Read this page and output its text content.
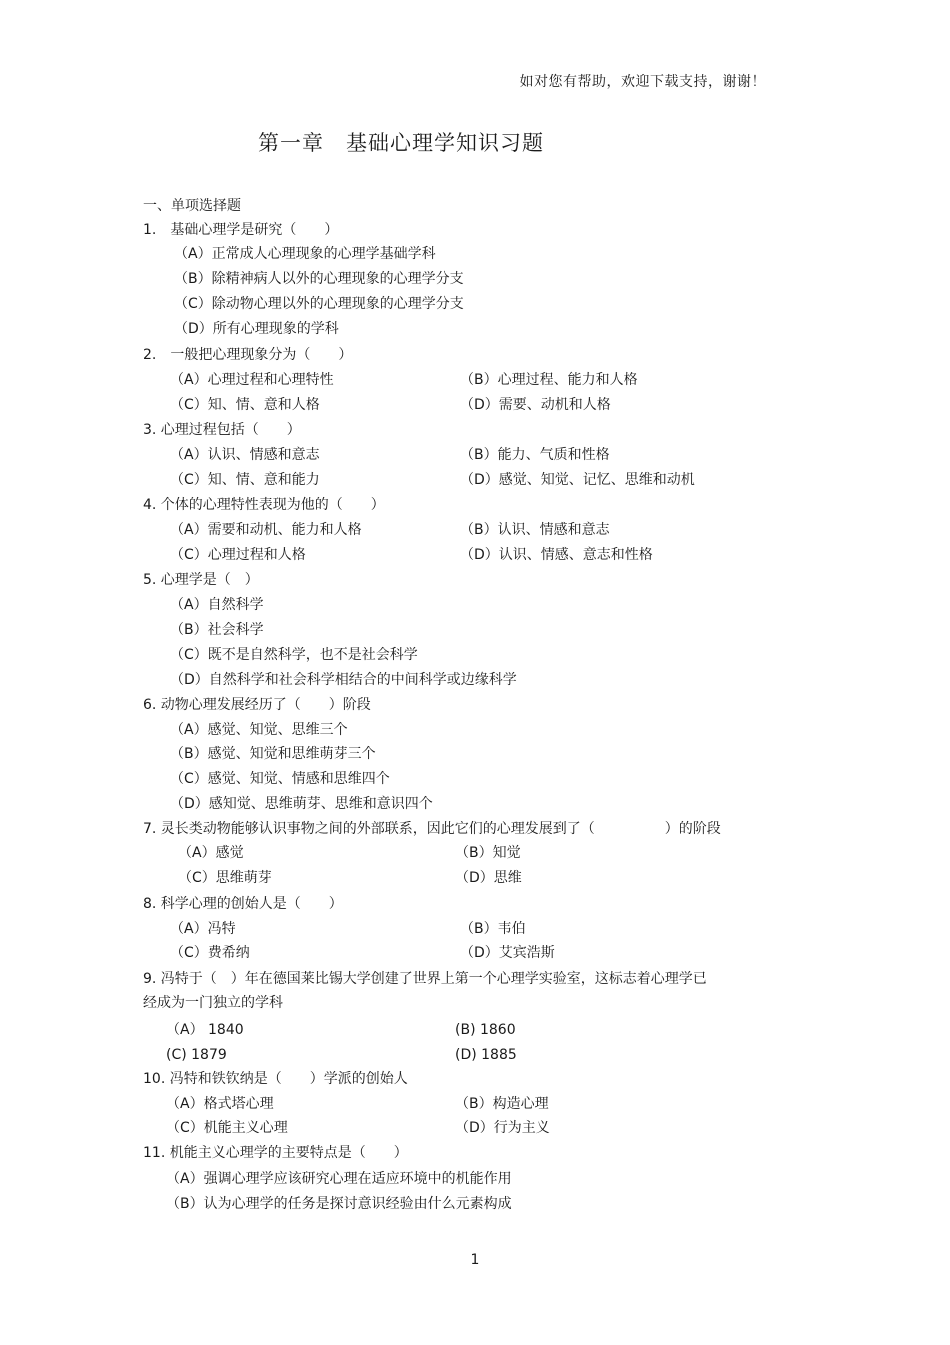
如对您有帮助，欢迎下载支持，谢谢！
第一章　基础心理学知识习题
一、单项选择题
1.　基础心理学是研究（　　）
（A）正常成人心理现象的心理学基础学科
（B）除精神病人以外的心理现象的心理学分支
（C）除动物心理以外的心理现象的心理学分支
（D）所有心理现象的学科
2.　一般把心理现象分为（　　）
（A）心理过程和心理特性	（B）心理过程、能力和人格
（C）知、情、意和人格	（D）需要、动机和人格
3. 心理过程包括（　　）
（A）认识、情感和意志	（B）能力、气质和性格
（C）知、情、意和能力	（D）感觉、知觉、记忆、思维和动机
4. 个体的心理特性表现为他的（　　）
（A）需要和动机、能力和人格	（B）认识、情感和意志
（C）心理过程和人格	（D）认识、情感、意志和性格
5. 心理学是（　）
（A）自然科学
（B）社会科学
（C）既不是自然科学，也不是社会科学
（D）自然科学和社会科学相结合的中间科学或边缘科学
6. 动物心理发展经历了（　　）阶段
（A）感觉、知觉、思维三个
（B）感觉、知觉和思维萌芽三个
（C）感觉、知觉、情感和思维四个
（D）感知觉、思维萌芽、思维和意识四个
7. 灵长类动物能够认识事物之间的外部联系，因此它们的心理发展到了（　　　　　）的阶段
（A）感觉	（B）知觉
（C）思维萌芽	（D）思维
8. 科学心理的创始人是（　　）
（A）冯特	（B）韦伯
（C）费希纳	（D）艾宾浩斯
9. 冯特于（　）年在德国莱比锡大学创建了世界上第一个心理学实验室，这标志着心理学已
经成为一门独立的学科
（A） 1840	(B) 1860
(C) 1879	(D) 1885
10. 冯特和铁钦纳是（　　）学派的创始人
（A）格式塔心理	（B）构造心理
（C）机能主义心理	（D）行为主义
11. 机能主义心理学的主要特点是（　　）
（A）强调心理学应该研究心理在适应环境中的机能作用
（B）认为心理学的任务是探讨意识经验由什么元素构成
1
